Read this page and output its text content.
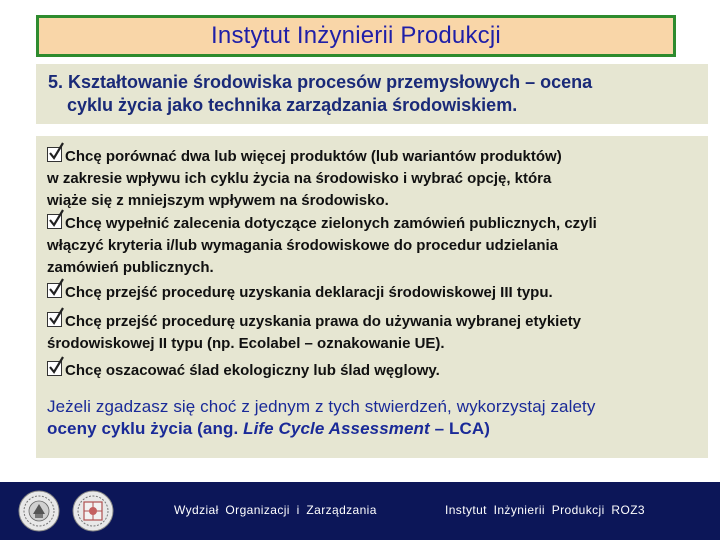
Instytut Inżynierii Produkcji

5. Kształtowanie środowiska procesów przemysłowych – ocena
cyklu życia jako technika zarządzania środowiskiem.

Chcę porównać dwa lub więcej produktów (lub wariantów produktów)
w zakresie wpływu ich cyklu życia na środowisko i wybrać opcję, która
wiąże się z mniejszym wpływem na środowisko.
Chcę wypełnić zalecenia dotyczące zielonych zamówień publicznych, czyli
włączyć kryteria i/lub wymagania środowiskowe do procedur udzielania
zamówień publicznych.
Chcę przejść procedurę uzyskania deklaracji środowiskowej III typu.
Chcę przejść procedurę uzyskania prawa do używania wybranej etykiety
środowiskowej II typu (np. Ecolabel – oznakowanie UE).
Chcę oszacować ślad ekologiczny lub ślad węglowy.
Jeżeli zgadzasz się choć z jednym z tych stwierdzeń, wykorzystaj zalety
oceny cyklu życia (ang. Life Cycle Assessment – LCA)
Wydział Organizacji i Zarządzania	Instytut Inżynierii Produkcji ROZ3
